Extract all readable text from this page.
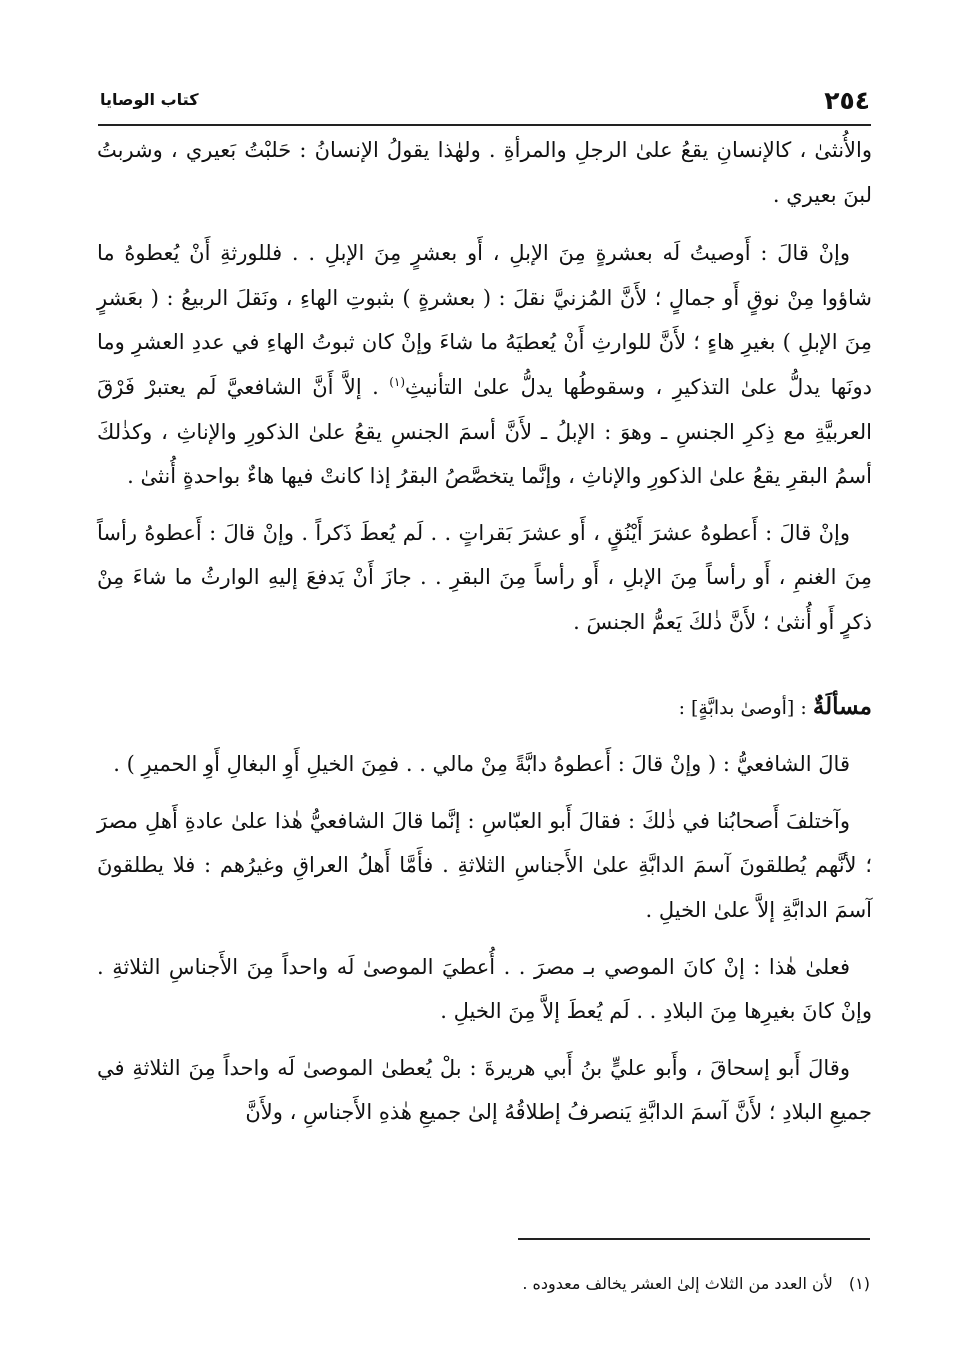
٢٥٤
كتاب الوصايا

والأُنثىٰ ، كالإنسانِ يقعُ علىٰ الرجلِ والمرأةِ . ولهٰذا يقولُ الإنسانُ : حَلبْتُ بَعيري ، وشربتُ لبنَ بعيري .

وإنْ قالَ : أَوصيتُ لَه بعشرةٍ مِنَ الإبلِ ، أَو بعشرٍ مِنَ الإبلِ . . فللورثةِ أَنْ يُعطوهُ ما شاؤوا مِنْ نوقٍ أَو جمالٍ ؛ لأَنَّ المُزنيَّ نقلَ : ( بعشرةٍ ) بثبوتِ الهاءِ ، ونَقلَ الربيعُ : ( بعَشرٍ مِنَ الإبلِ ) بغيرِ هاءٍ ؛ لأَنَّ للوارثِ أَنْ يُعطيَهُ ما شاءَ وإنْ كان ثبوتُ الهاءِ في عددِ العشرِ وما دونَها يدلُّ علىٰ التذكيرِ ، وسقوطُها يدلُّ علىٰ التأنيثِ$^{(١)}$ . إلاَّ أَنَّ الشافعيَّ لَم يعتبرْ فَرْقَ العربيَّةِ مع ذِكرِ الجنسِ ـ وهوَ : الإبلُ ـ لأَنَّ أسمَ الجنسِ يقعُ علىٰ الذكورِ والإناثِ ، وكذٰلكَ أسمُ البقرِ يقعُ علىٰ الذكورِ والإناثِ ، وإنَّما يتخصَّصُ البقرُ إذا كانتْ فيها هاءٌ بواحدةٍ أُنثىٰ .

وإنْ قالَ : أَعطوهُ عشرَ أَيْنُقٍ ، أَو عشرَ بَقراتٍ . . لَم يُعطَ ذَكراً . وإنْ قالَ : أَعطوهُ رأساً مِنَ الغنمِ ، أَو رأساً مِنَ الإبلِ ، أَو رأساً مِنَ البقرِ . . جازَ أَنْ يَدفعَ إليهِ الوارثُ ما شاءَ مِنْ ذكرٍ أَو أُنثىٰ ؛ لأَنَّ ذٰلكَ يَعمُّ الجنسَ .

مسألَةٌ : [أوصىٰ بدابَّةٍ] :

قالَ الشافعيُّ : ( وإنْ قالَ : أَعطوهُ دابَّةً مِنْ مالي . . فمِنَ الخيلِ أَوِ البغالِ أَوِ الحميرِ ) .

وآختلفَ أَصحابُنا في ذٰلكَ : فقالَ أَبو العبّاسِ : إنَّما قالَ الشافعيُّ هٰذا علىٰ عادةِ أَهلِ مصرَ ؛ لأنَّهم يُطلقونَ آسمَ الدابَّةِ علىٰ الأَجناسِ الثلاثةِ . فأَمَّا أَهلُ العراقِ وغيرُهم : فلا يطلقونَ آسمَ الدابَّةِ إلاَّ علىٰ الخيلِ .

فعلىٰ هٰذا : إنْ كانَ الموصي بـ مصرَ . . أُعطيَ الموصىٰ لَه واحداً مِنَ الأَجناسِ الثلاثةِ . وإنْ كانَ بغيرِها مِنَ البلادِ . . لَم يُعطَ إلاَّ مِنَ الخيلِ .

وقالَ أَبو إسحاقَ ، وأَبو عليٍّ بنُ أَبي هريرةَ : بلْ يُعطىٰ الموصىٰ لَه واحداً مِنَ الثلاثةِ في جميعِ البلادِ ؛ لأَنَّ آسمَ الدابَّةِ يَنصرفُ إطلاقُهُ إلىٰ جميعِ هٰذهِ الأَجناسِ ، ولأَنَّ

(١)لأن العدد من الثلاث إلىٰ العشر يخالف معدوده .
